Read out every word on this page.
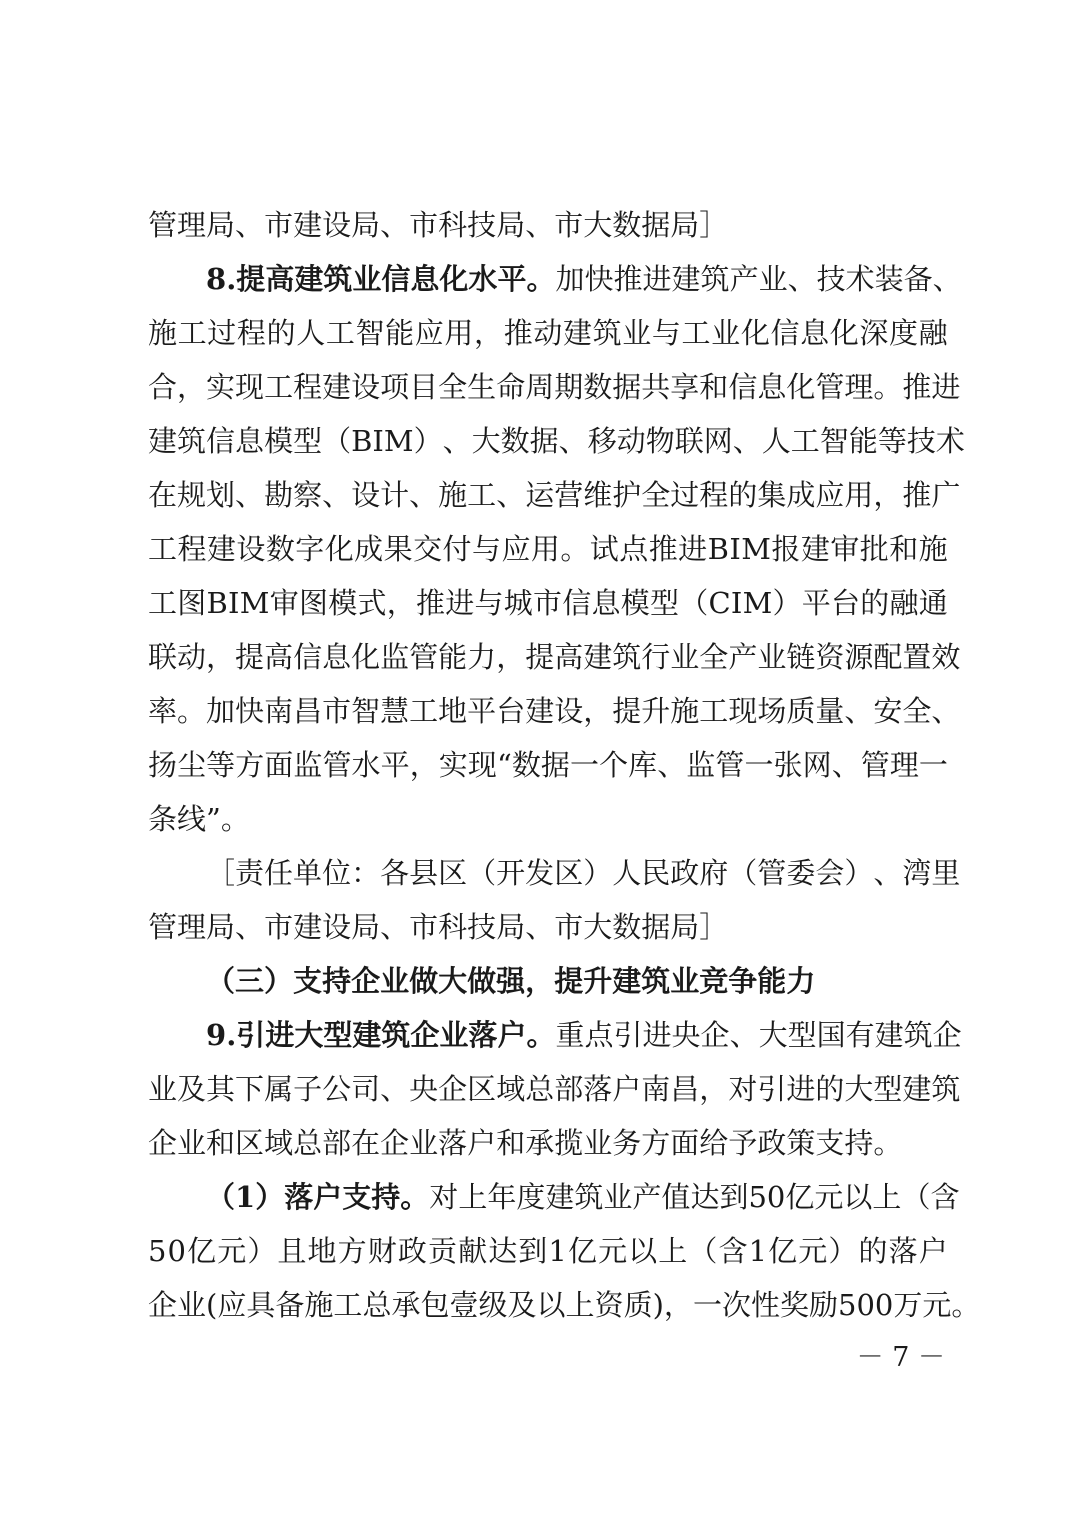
管 理 局 、 市 建 设 局 、 市 科 技 局 、 市 大 数 据 局 ］
8 . 提 高 建 筑 业 信 息 化 水 平 。 加 快 推 进 建 筑 产 业 、 技 术 装 备 、
施 工 过 程 的 人 工 智 能 应 用 ， 推 动 建 筑 业 与 工 业 化 信 息 化 深 度 融
合 ， 实 现 工 程 建 设 项 目 全 生 命 周 期 数 据 共 享 和 信 息 化 管 理 。 推 进
建 筑 信 息 模 型 （ B I M ） 、 大 数 据 、 移 动 物 联 网 、 人 工 智 能 等 技 术
在 规 划 、 勘 察 、 设 计 、 施 工 、 运 营 维 护 全 过 程 的 集 成 应 用 ， 推 广
工 程 建 设 数 字 化 成 果 交 付 与 应 用 。 试 点 推 进 B I M 报 建 审 批 和 施
工 图 B I M 审 图 模 式 ， 推 进 与 城 市 信 息 模 型 （ C I M ） 平 台 的 融 通
联 动 ， 提 高 信 息 化 监 管 能 力 ， 提 高 建 筑 行 业 全 产 业 链 资 源 配 置 效
率 。 加 快 南 昌 市 智 慧 工 地 平 台 建 设 ， 提 升 施 工 现 场 质 量 、 安 全 、
扬 尘 等 方 面 监 管 水 平 ， 实 现 “ 数 据 一 个 库 、 监 管 一 张 网 、 管 理 一
条 线 ” 。
［ 责 任 单 位 ： 各 县 区 （ 开 发 区 ） 人 民 政 府 （ 管 委 会 ） 、 湾 里
管 理 局 、 市 建 设 局 、 市 科 技 局 、 市 大 数 据 局 ］
（ 三 ） 支 持 企 业 做 大 做 强 ， 提 升 建 筑 业 竞 争 能 力
9 . 引 进 大 型 建 筑 企 业 落 户 。 重 点 引 进 央 企 、 大 型 国 有 建 筑 企
业 及 其 下 属 子 公 司 、 央 企 区 域 总 部 落 户 南 昌 ， 对 引 进 的 大 型 建 筑
企 业 和 区 域 总 部 在 企 业 落 户 和 承 揽 业 务 方 面 给 予 政 策 支 持 。
（ 1 ） 落 户 支 持 。 对 上 年 度 建 筑 业 产 值 达 到 5 0 亿 元 以 上 （ 含
5 0 亿 元 ） 且 地 方 财 政 贡 献 达 到 1 亿 元 以 上 （ 含 1 亿 元 ） 的 落 户
企 业 ( 应 具 备 施 工 总 承 包 壹 级 及 以 上 资 质 ) ， 一 次 性 奖 励 5 0 0 万 元 。
－ 7 －
